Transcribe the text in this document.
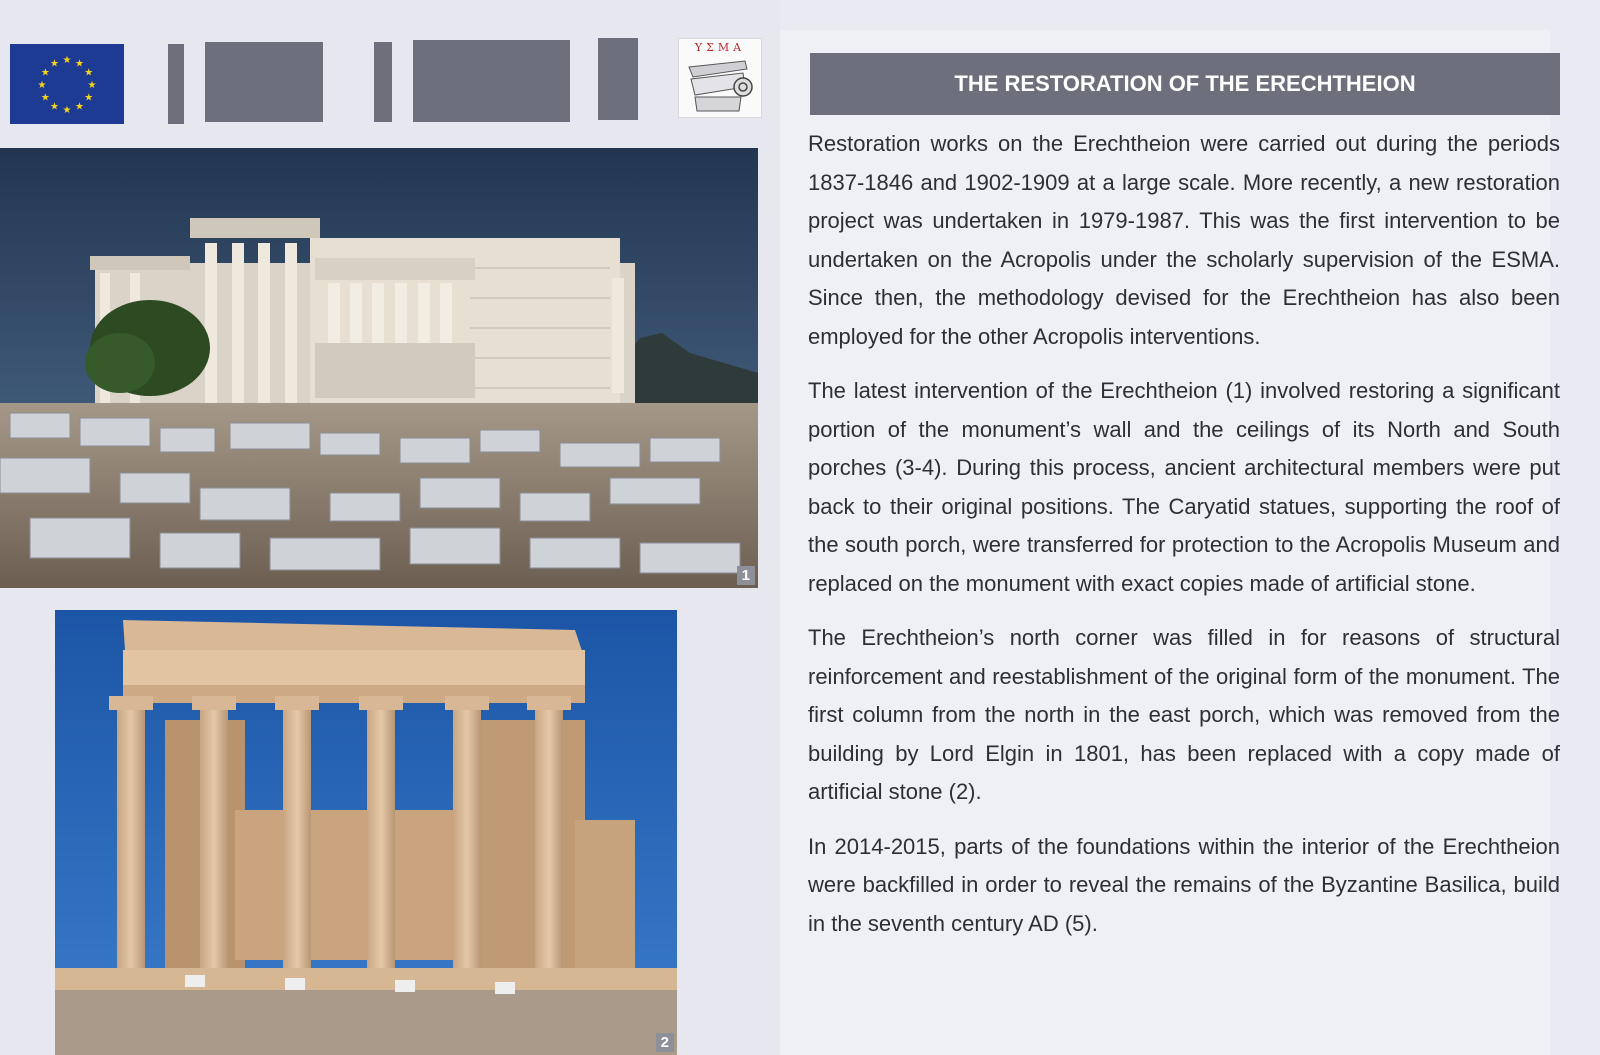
★ ★
★
★
★
★
★
★
★
★
★
★
ΥΣΜΑ
1
2
THE RESTORATION OF THE ERECHTHEION

Restoration works on the Erechtheion were carried out during the periods 1837-1846 and 1902-1909 at a large scale. More recently, a new restoration project was undertaken in 1979-1987. This was the first intervention to be undertaken on the Acropolis under the scholarly supervision of the ESMA. Since then, the methodology devised for the Erechtheion has also been employed for the other Acropolis interventions.

The latest intervention of the Erechtheion (1) involved restoring a significant portion of the monument’s wall and the ceilings of its North and South porches (3-4). During this process, ancient architectural members were put back to their original positions. The Caryatid statues, supporting the roof of the south porch, were transferred for protection to the Acropolis Museum and replaced on the monument with exact copies made of artificial stone.

The Erechtheion’s north corner was filled in for reasons of structural reinforcement and reestablishment of the original form of the monument. The first column from the north in the east porch, which was removed from the building by Lord Elgin in 1801, has been replaced with a copy made of artificial stone (2).

In 2014-2015, parts of the foundations within the interior of the Erechtheion were backfilled in order to reveal the remains of the Byzantine Basilica, build in the seventh century AD (5).
